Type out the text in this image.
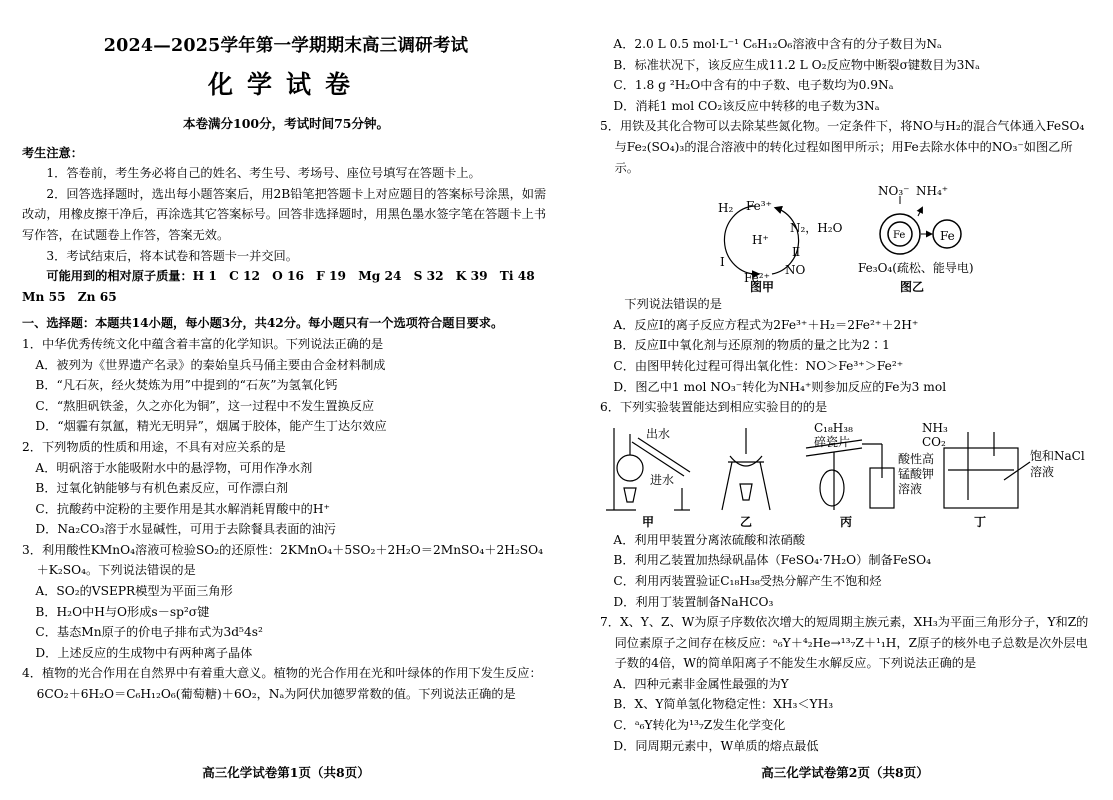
2024—2025学年第一学期期末高三调研考试
化学试卷
本卷满分100分，考试时间75分钟。
考生注意：
1．答卷前，考生务必将自己的姓名、考生号、考场号、座位号填写在答题卡上。
2．回答选择题时，选出每小题答案后，用2B铅笔把答题卡上对应题目的答案标号涂黑，如需改动，用橡皮擦干净后，再涂选其它答案标号。回答非选择题时，用黑色墨水签字笔在答题卡上书写作答，在试题卷上作答，答案无效。
3．考试结束后，将本试卷和答题卡一并交回。
可能用到的相对原子质量：H 1　C 12　O 16　F 19　Mg 24　S 32　K 39　Ti 48　Mn 55　Zn 65
一、选择题：本题共14小题，每小题3分，共42分。每小题只有一个选项符合题目要求。
1．中华优秀传统文化中蕴含着丰富的化学知识。下列说法正确的是
A．被列为《世界遗产名录》的秦始皇兵马俑主要由合金材料制成
B．“凡石灰，经火焚炼为用”中提到的“石灰”为氢氧化钙
C．“熬胆矾铁釜，久之亦化为铜”，这一过程中不发生置换反应
D．“烟霾有氛氲，精光无明异”，烟属于胶体，能产生丁达尔效应
2．下列物质的性质和用途，不具有对应关系的是
A．明矾溶于水能吸附水中的悬浮物，可用作净水剂
B．过氧化钠能够与有机色素反应，可作漂白剂
C．抗酸药中淀粉的主要作用是其水解消耗胃酸中的H⁺
D．Na₂CO₃溶于水显碱性，可用于去除餐具表面的油污
3．利用酸性KMnO₄溶液可检验SO₂的还原性：2KMnO₄＋5SO₂＋2H₂O＝2MnSO₄＋2H₂SO₄＋K₂SO₄。下列说法错误的是
A．SO₂的VSEPR模型为平面三角形
B．H₂O中H与O形成s－sp²σ键
C．基态Mn原子的价电子排布式为3d⁵4s²
D．上述反应的生成物中有两种离子晶体
4．植物的光合作用在自然界中有着重大意义。植物的光合作用在光和叶绿体的作用下发生反应：6CO₂＋6H₂O＝C₆H₁₂O₆(葡萄糖)＋6O₂，Nₐ为阿伏加德罗常数的值。下列说法正确的是
高三化学试卷第1页（共8页）
A．2.0 L 0.5 mol·L⁻¹ C₆H₁₂O₆溶液中含有的分子数目为Nₐ
B．标准状况下，该反应生成11.2 L O₂反应物中断裂σ键数目为3Nₐ
C．1.8 g ²H₂O中含有的中子数、电子数均为0.9Nₐ
D．消耗1 mol CO₂该反应中转移的电子数为3Nₐ
5．用铁及其化合物可以去除某些氮化物。一定条件下，将NO与H₂的混合气体通入FeSO₄与Fe₂(SO₄)₃的混合溶液中的转化过程如图甲所示；用Fe去除水体中的NO₃⁻如图乙所示。
H₂ Fe³⁺
N₂，H₂O
H⁺
Fe²⁺
NO
Ⅰ
Ⅱ
图甲
NO₃⁻ NH₄⁺
Fe	Fe
Fe₃O₄(疏松、能导电)
图乙
下列说法错误的是
A．反应Ⅰ的离子反应方程式为2Fe³⁺＋H₂＝2Fe²⁺＋2H⁺
B．反应Ⅱ中氧化剂与还原剂的物质的量之比为2∶1
C．由图甲转化过程可得出氧化性：NO＞Fe³⁺＞Fe²⁺
D．图乙中1 mol NO₃⁻转化为NH₄⁺则参加反应的Fe为3 mol
6．下列实验装置能达到相应实验目的的是
出水
进水
C₁₈H₃₈
碎瓷片
酸性高锰酸钾溶液
NH₃
CO₂
饱和NaCl溶液
甲	乙	丙	丁
A．利用甲装置分离浓硫酸和浓硝酸
B．利用乙装置加热绿矾晶体（FeSO₄·7H₂O）制备FeSO₄
C．利用丙装置验证C₁₈H₃₈受热分解产生不饱和烃
D．利用丁装置制备NaHCO₃
7．X、Y、Z、W为原子序数依次增大的短周期主族元素，XH₃为平面三角形分子，Y和Z的同位素原子之间存在核反应：ᵃ₆Y＋⁴₂He→¹³₇Z＋¹₁H，Z原子的核外电子总数是次外层电子数的4倍，W的简单阳离子不能发生水解反应。下列说法正确的是
A．四种元素非金属性最强的为Y
B．X、Y简单氢化物稳定性：XH₃＜YH₃
C．ᵃ₆Y转化为¹³₇Z发生化学变化
D．同周期元素中，W单质的熔点最低
高三化学试卷第2页（共8页）
